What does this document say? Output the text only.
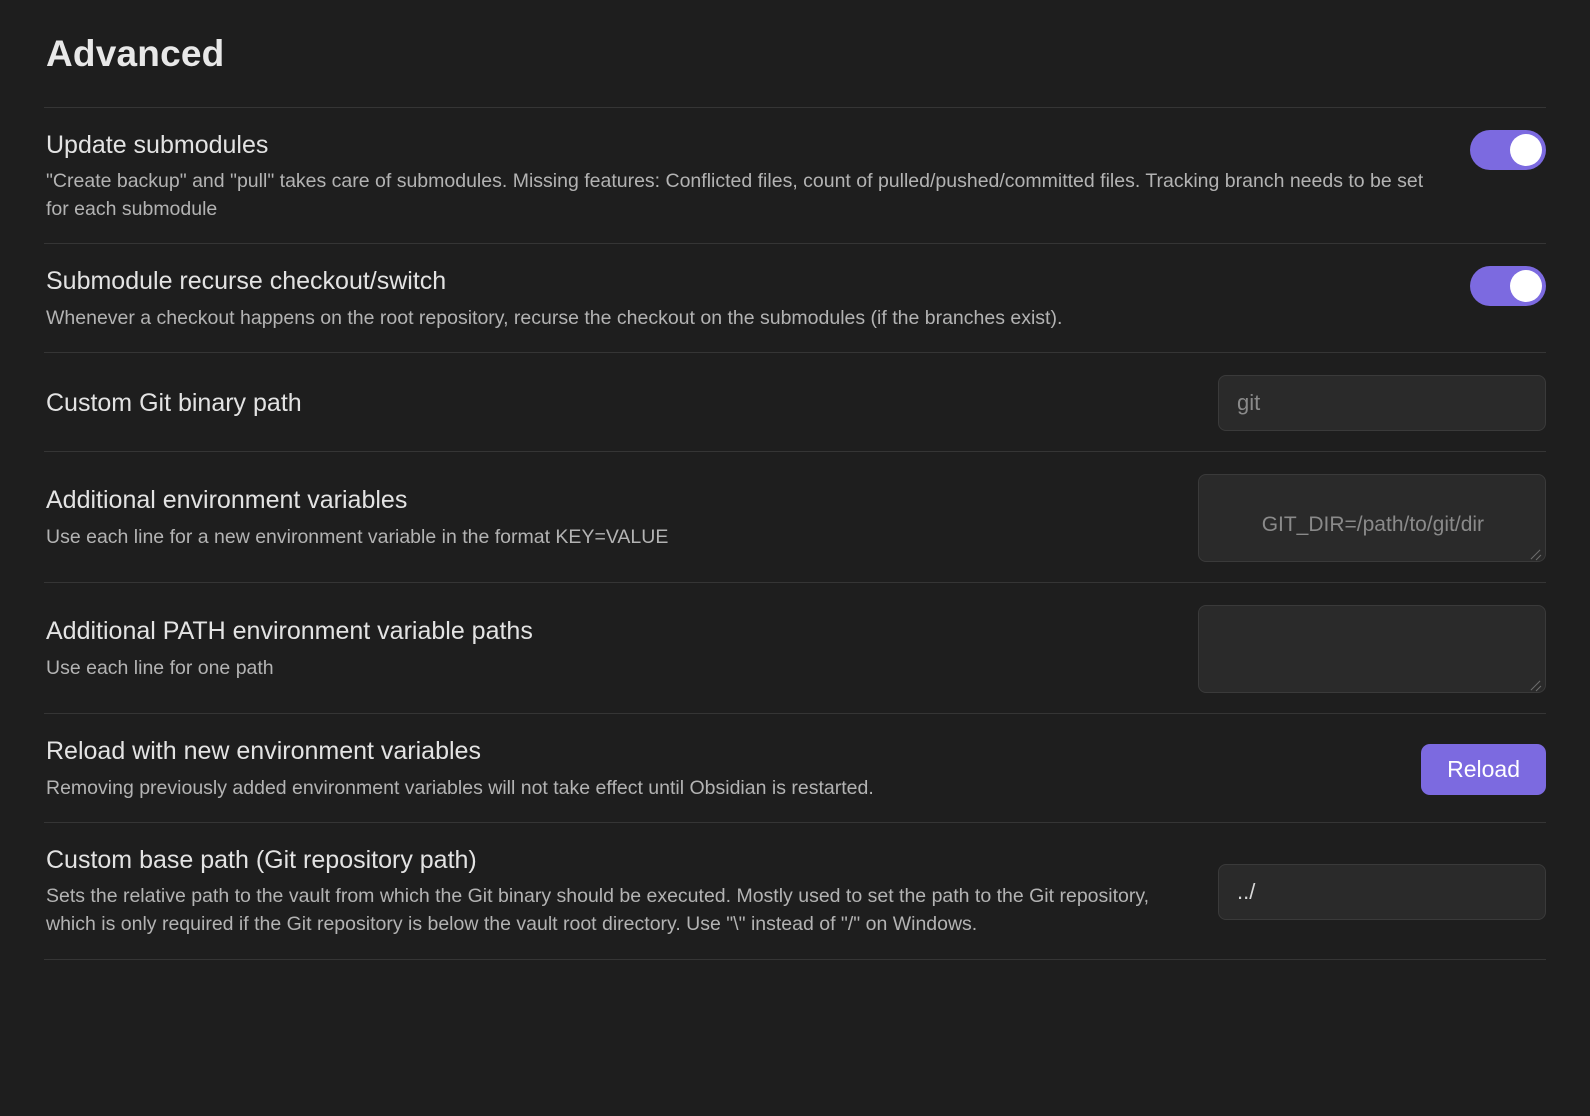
Advanced
Update submodules
"Create backup" and "pull" takes care of submodules. Missing features: Conflicted files, count of pulled/pushed/committed files. Tracking branch needs to be set for each submodule
Submodule recurse checkout/switch
Whenever a checkout happens on the root repository, recurse the checkout on the submodules (if the branches exist).
Custom Git binary path	git
Additional environment variables
Use each line for a new environment variable in the format KEY=VALUE

GIT_DIR=/path/to/git/dir

Additional PATH environment variable paths
Use each line for one path

Reload with new environment variables
Removing previously added environment variables will not take effect until Obsidian is restarted.
Reload
Custom base path (Git repository path)
Sets the relative path to the vault from which the Git binary should be executed. Mostly used to set the path to the Git repository, which is only required if the Git repository is below the vault root directory. Use "\" instead of "/" on Windows.
../
